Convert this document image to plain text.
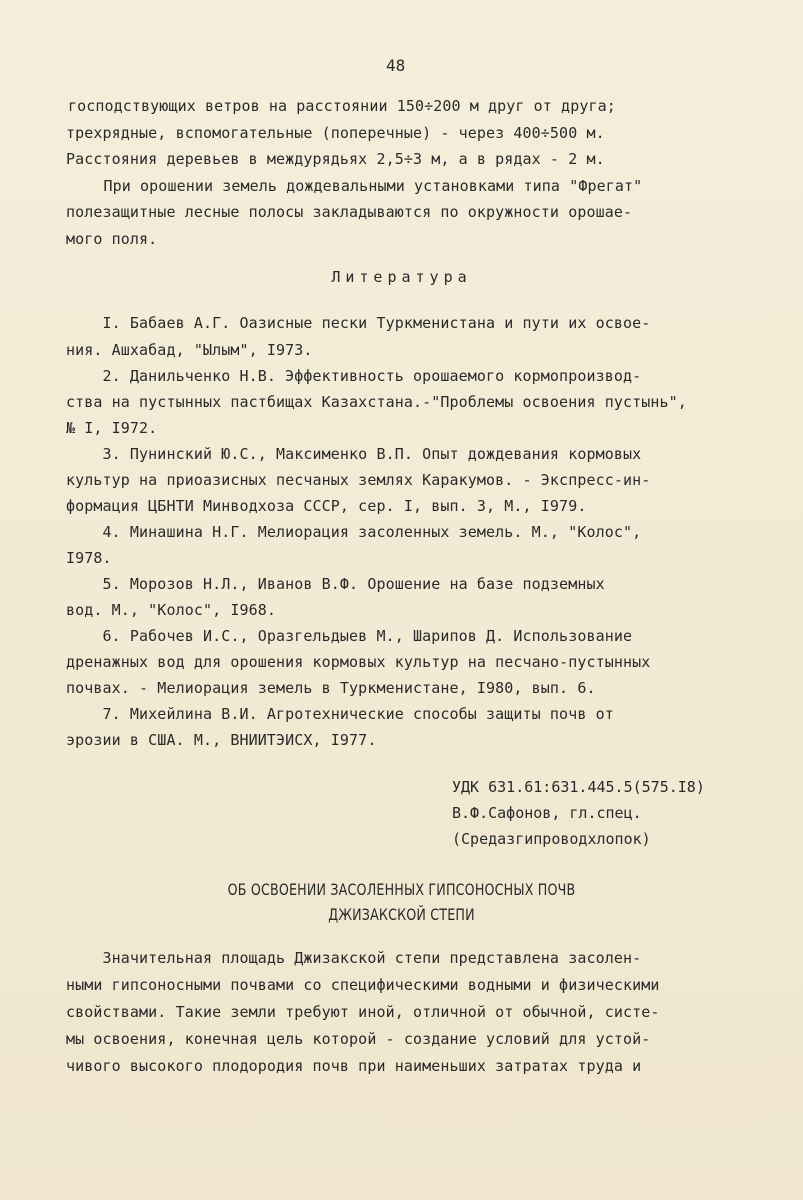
48
господствующих ветров на расстоянии 150÷200 м друг от друга;
трехрядные, вспомогательные (поперечные) - через 400÷500 м.
Расстояния деревьев в междурядьях 2,5÷3 м, а в рядах - 2 м.
При орошении земель дождевальными установками типа "Фрегат"
полезащитные лесные полосы закладываются по окружности орошае-
мого поля.
Литература
I. Бабаев А.Г. Оазисные пески Туркменистана и пути их освое-
ния. Ашхабад, "Ылым", I973.
2. Данильченко Н.В. Эффективность орошаемого кормопроизвод-
ства на пустынных пастбищах Казахстана.-"Проблемы освоения пустынь",
№ I, I972.
3. Пунинский Ю.С., Максименко В.П. Опыт дождевания кормовых
культур на приоазисных песчаных землях Каракумов. - Экспресс-ин-
формация ЦБНТИ Минводхоза СССР, сер. I, вып. 3, М., I979.
4. Минашина Н.Г. Мелиорация засоленных земель. М., "Колос",
I978.
5. Морозов Н.Л., Иванов В.Ф. Орошение на базе подземных
вод. М., "Колос", I968.
6. Рабочев И.С., Оразгельдыев М., Шарипов Д. Использование
дренажных вод для орошения кормовых культур на песчано-пустынных
почвах. - Мелиорация земель в Туркменистане, I980, вып. 6.
7. Михейлина В.И. Агротехнические способы защиты почв от
эрозии в США. М., ВНИИТЭИСХ, I977.
УДК 631.61:631.445.5(575.I8)
В.Ф.Сафонов, гл.спец.
(Средазгипроводхлопок)
ОБ ОСВОЕНИИ ЗАСОЛЕННЫХ ГИПСОНОСНЫХ ПОЧВ
ДЖИЗАКСКОЙ СТЕПИ
Значительная площадь Джизакской степи представлена засолен-
ными гипсоносными почвами со специфическими водными и физическими
свойствами. Такие земли требуют иной, отличной от обычной, систе-
мы освоения, конечная цель которой - создание условий для устой-
чивого высокого плодородия почв при наименьших затратах труда и
